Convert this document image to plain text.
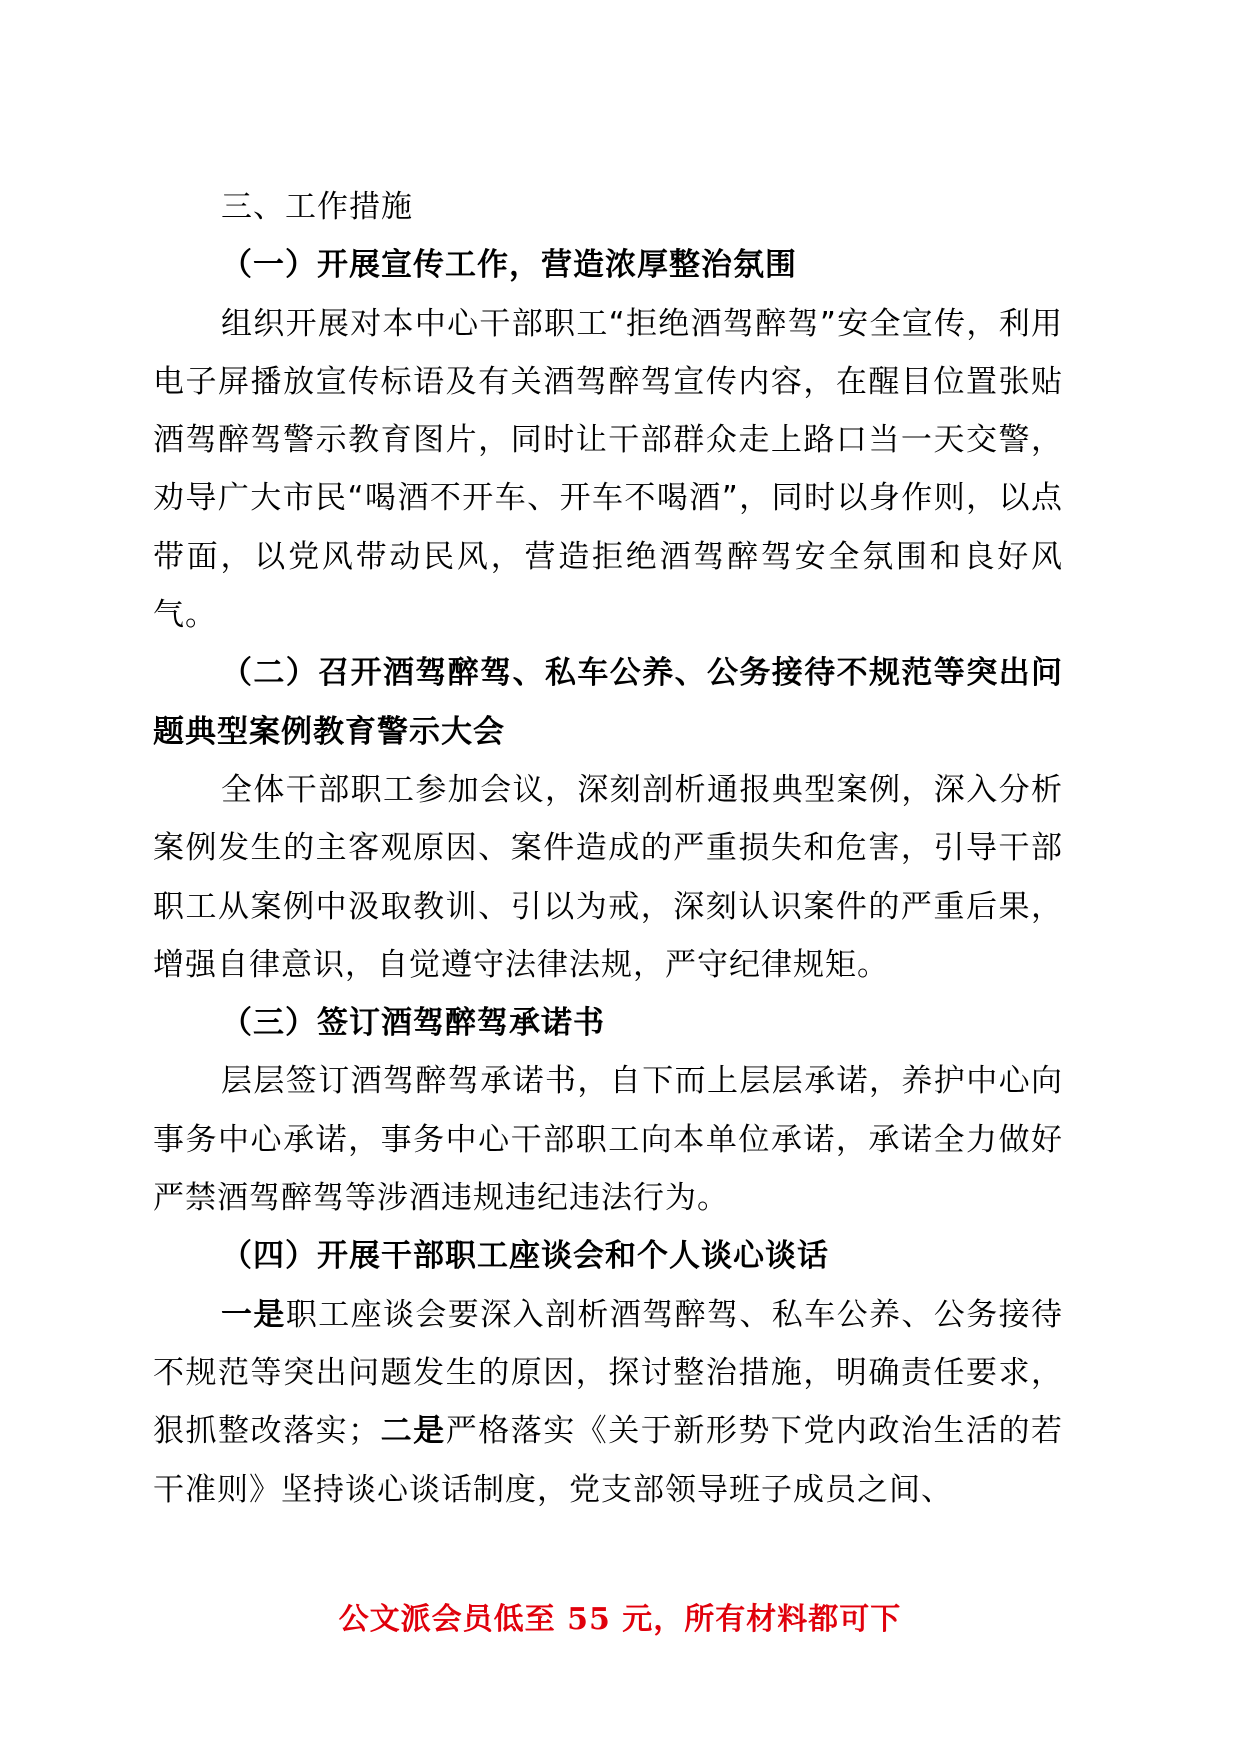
三、工作措施

（一）开展宣传工作，营造浓厚整治氛围

组织开展对本中心干部职工“拒绝酒驾醉驾”安全宣传，利用电子屏播放宣传标语及有关酒驾醉驾宣传内容，在醒目位置张贴酒驾醉驾警示教育图片，同时让干部群众走上路口当一天交警，劝导广大市民“喝酒不开车、开车不喝酒”，同时以身作则，以点带面，以党风带动民风，营造拒绝酒驾醉驾安全氛围和良好风气。

（二）召开酒驾醉驾、私车公养、公务接待不规范等突出问题典型案例教育警示大会

全体干部职工参加会议，深刻剖析通报典型案例，深入分析案例发生的主客观原因、案件造成的严重损失和危害，引导干部职工从案例中汲取教训、引以为戒，深刻认识案件的严重后果，增强自律意识，自觉遵守法律法规，严守纪律规矩。

（三）签订酒驾醉驾承诺书

层层签订酒驾醉驾承诺书，自下而上层层承诺，养护中心向事务中心承诺，事务中心干部职工向本单位承诺，承诺全力做好严禁酒驾醉驾等涉酒违规违纪违法行为。

（四）开展干部职工座谈会和个人谈心谈话

一是职工座谈会要深入剖析酒驾醉驾、私车公养、公务接待不规范等突出问题发生的原因，探讨整治措施，明确责任要求，狠抓整改落实；二是严格落实《关于新形势下党内政治生活的若干准则》坚持谈心谈话制度，党支部领导班子成员之间、

公文派会员低至 55 元，所有材料都可下
